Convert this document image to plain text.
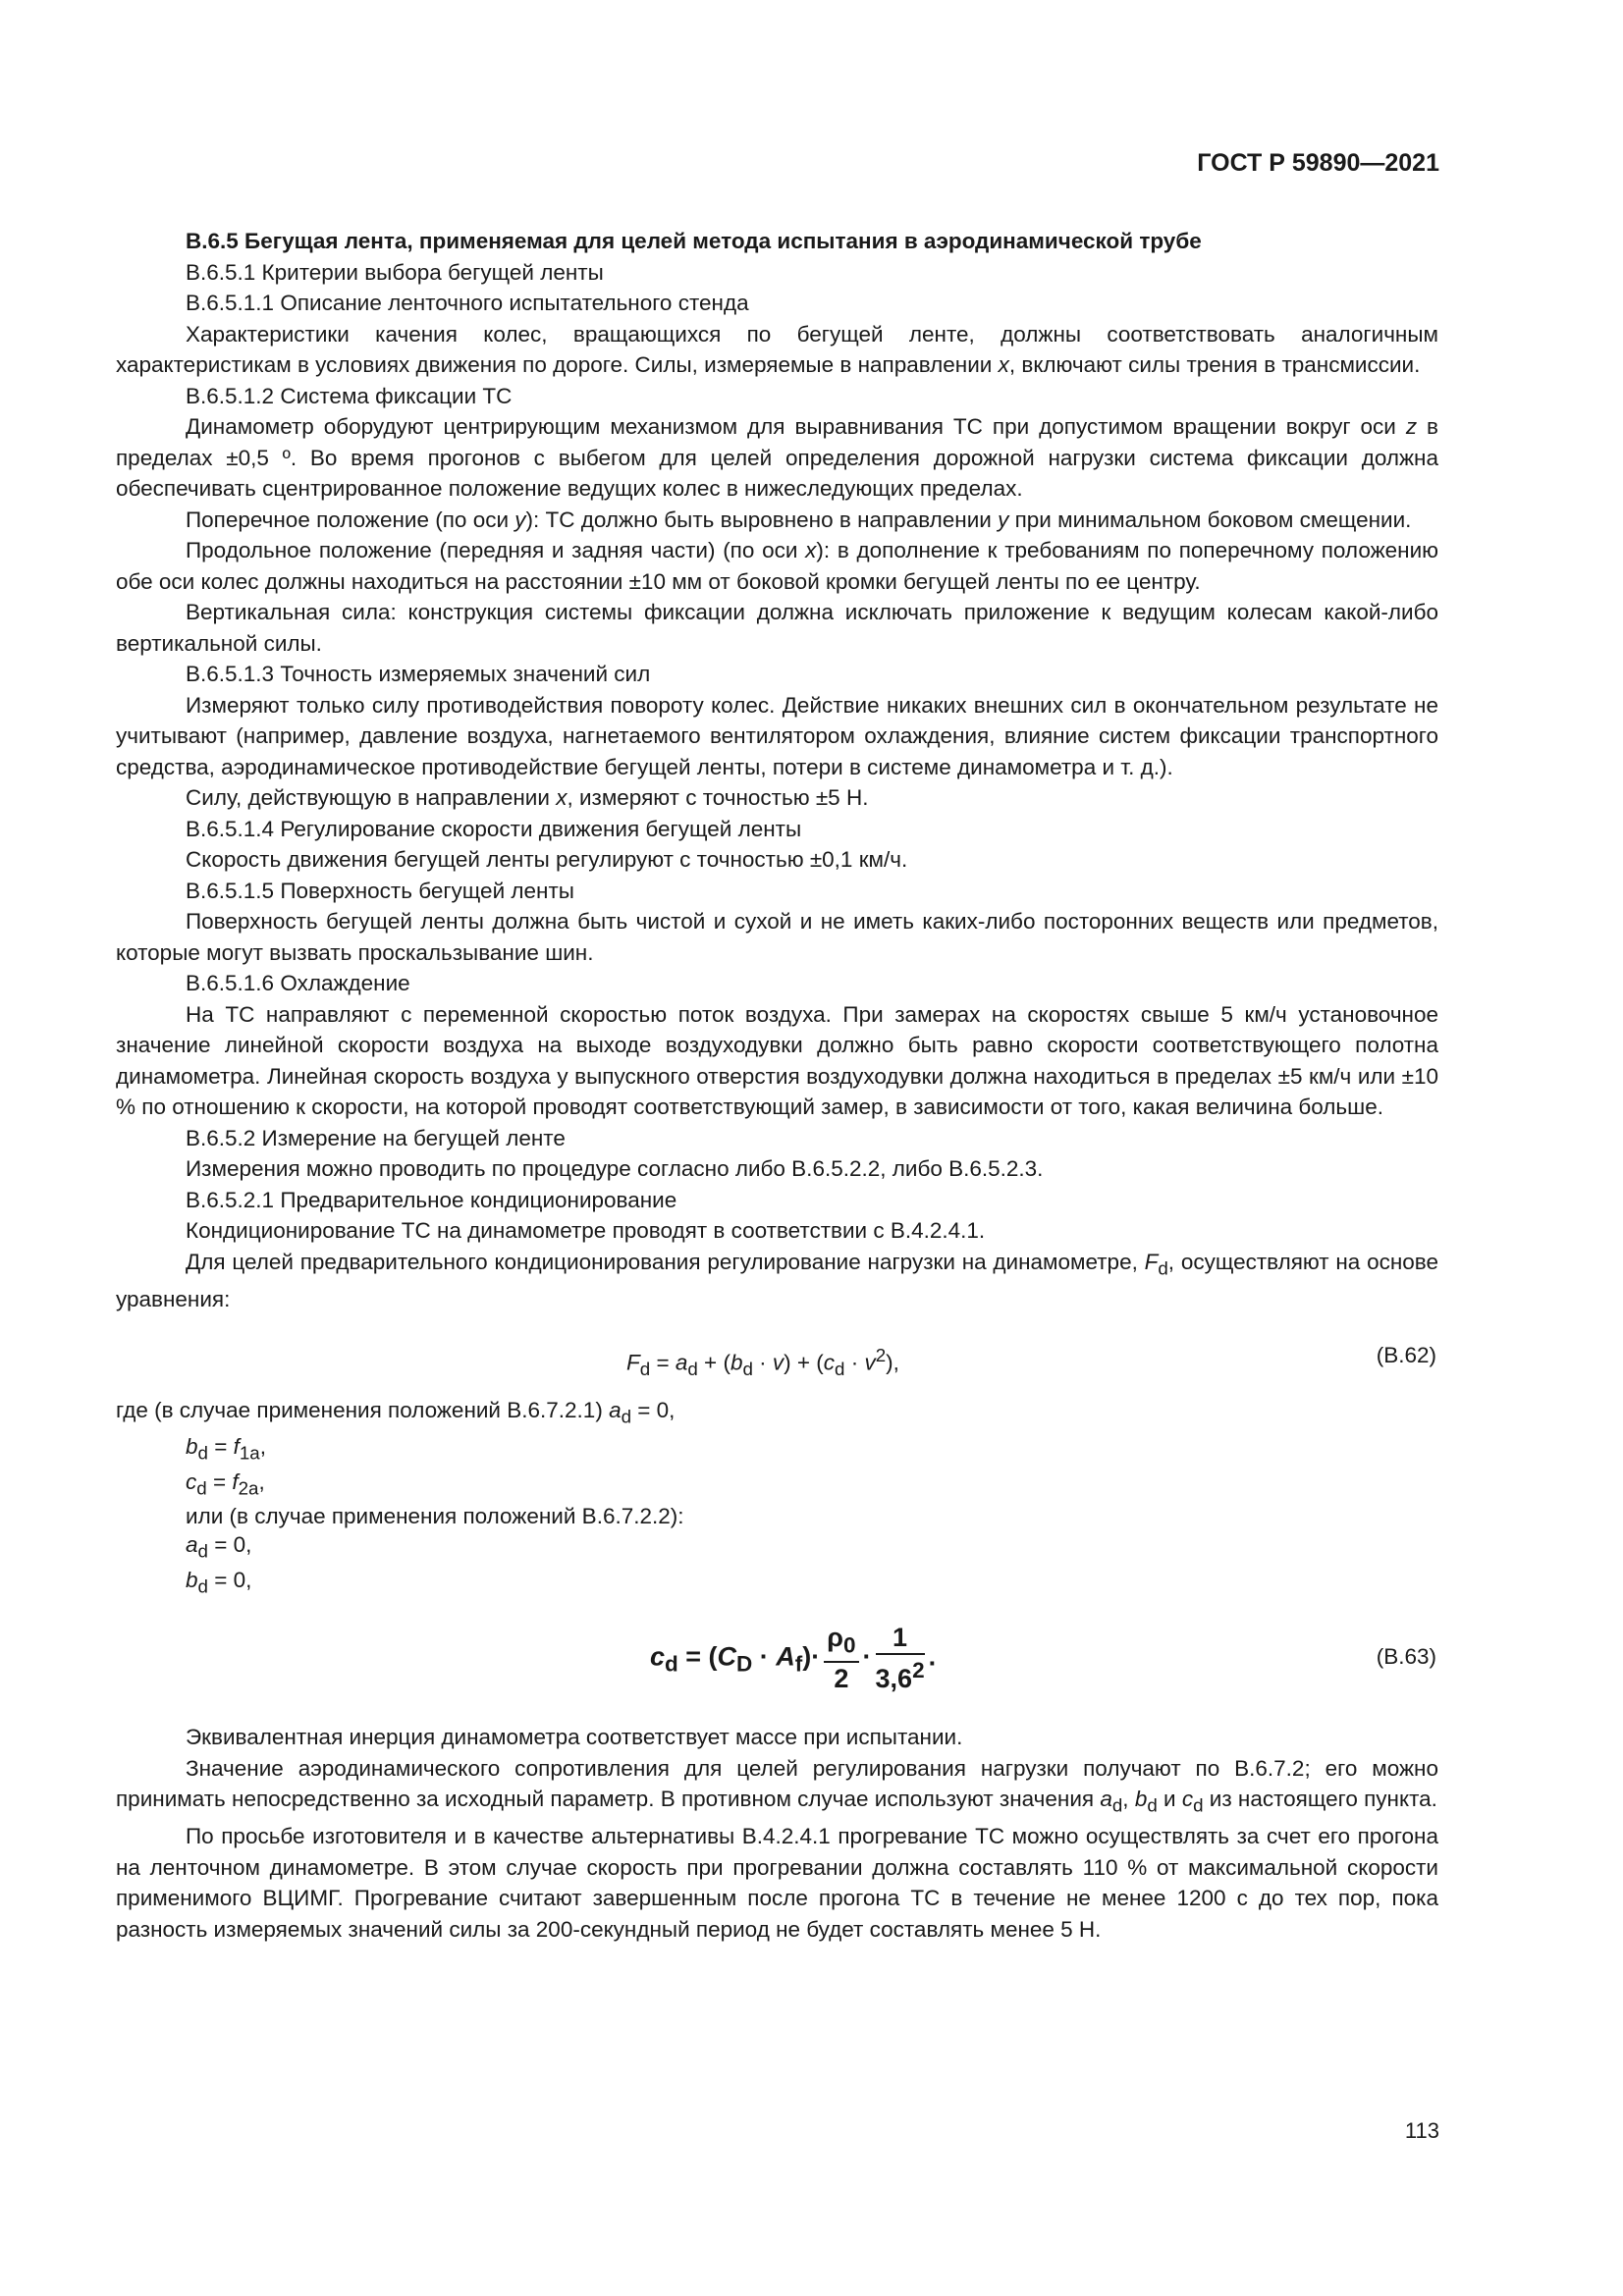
ГОСТ Р 59890—2021

В.6.5 Бегущая лента, применяемая для целей метода испытания в аэродинамической трубе

В.6.5.1 Критерии выбора бегущей ленты

В.6.5.1.1 Описание ленточного испытательного стенда

Характеристики качения колес, вращающихся по бегущей ленте, должны соответствовать аналогичным характеристикам в условиях движения по дороге. Силы, измеряемые в направлении x, включают силы трения в трансмиссии.

В.6.5.1.2 Система фиксации ТС

Динамометр оборудуют центрирующим механизмом для выравнивания ТС при допустимом вращении вокруг оси z в пределах ±0,5 º. Во время прогонов с выбегом для целей определения дорожной нагрузки система фиксации должна обеспечивать сцентрированное положение ведущих колес в нижеследующих пределах.

Поперечное положение (по оси y): ТС должно быть выровнено в направлении y при минимальном боковом смещении.

Продольное положение (передняя и задняя части) (по оси x): в дополнение к требованиям по поперечному положению обе оси колес должны находиться на расстоянии ±10 мм от боковой кромки бегущей ленты по ее центру.

Вертикальная сила: конструкция системы фиксации должна исключать приложение к ведущим колесам какой-либо вертикальной силы.

В.6.5.1.3 Точность измеряемых значений сил

Измеряют только силу противодействия повороту колес. Действие никаких внешних сил в окончательном результате не учитывают (например, давление воздуха, нагнетаемого вентилятором охлаждения, влияние систем фиксации транспортного средства, аэродинамическое противодействие бегущей ленты, потери в системе динамометра и т. д.).

Силу, действующую в направлении x, измеряют с точностью ±5 Н.

В.6.5.1.4 Регулирование скорости движения бегущей ленты

Скорость движения бегущей ленты регулируют с точностью ±0,1 км/ч.

В.6.5.1.5 Поверхность бегущей ленты

Поверхность бегущей ленты должна быть чистой и сухой и не иметь каких-либо посторонних веществ или предметов, которые могут вызвать проскальзывание шин.

В.6.5.1.6 Охлаждение

На ТС направляют с переменной скоростью поток воздуха. При замерах на скоростях свыше 5 км/ч установочное значение линейной скорости воздуха на выходе воздуходувки должно быть равно скорости соответствующего полотна динамометра. Линейная скорость воздуха у выпускного отверстия воздуходувки должна находиться в пределах ±5 км/ч или ±10 % по отношению к скорости, на которой проводят соответствующий замер, в зависимости от того, какая величина больше.

В.6.5.2 Измерение на бегущей ленте

Измерения можно проводить по процедуре согласно либо В.6.5.2.2, либо В.6.5.2.3.

В.6.5.2.1 Предварительное кондиционирование

Кондиционирование ТС на динамометре проводят в соответствии с В.4.2.4.1.

Для целей предварительного кондиционирования регулирование нагрузки на динамометре, $F_d$, осуществляют на основе уравнения:

$F_d = a_d + (b_d \cdot v) + (c_d \cdot v^2)$,	(В.62)

где (в случае применения положений В.6.7.2.1) $a_d = 0$,

$b_d = f_{1a}$,

$c_d = f_{2a}$,

или (в случае применения положений В.6.7.2.2):

$a_d = 0$,

$b_d = 0$,

$c_d = (C_D \cdot A_f)\cdot \frac{\rho_0}{2} \cdot \frac{1}{3,6^2}$ .	(В.63)

Эквивалентная инерция динамометра соответствует массе при испытании.

Значение аэродинамического сопротивления для целей регулирования нагрузки получают по В.6.7.2; его можно принимать непосредственно за исходный параметр. В противном случае используют значения $a_d$, $b_d$ и $c_d$ из настоящего пункта.

По просьбе изготовителя и в качестве альтернативы В.4.2.4.1 прогревание ТС можно осуществлять за счет его прогона на ленточном динамометре. В этом случае скорость при прогревании должна составлять 110 % от максимальной скорости применимого ВЦИМГ. Прогревание считают завершенным после прогона ТС в течение не менее 1200 с до тех пор, пока разность измеряемых значений силы за 200-секундный период не будет составлять менее 5 Н.

113
